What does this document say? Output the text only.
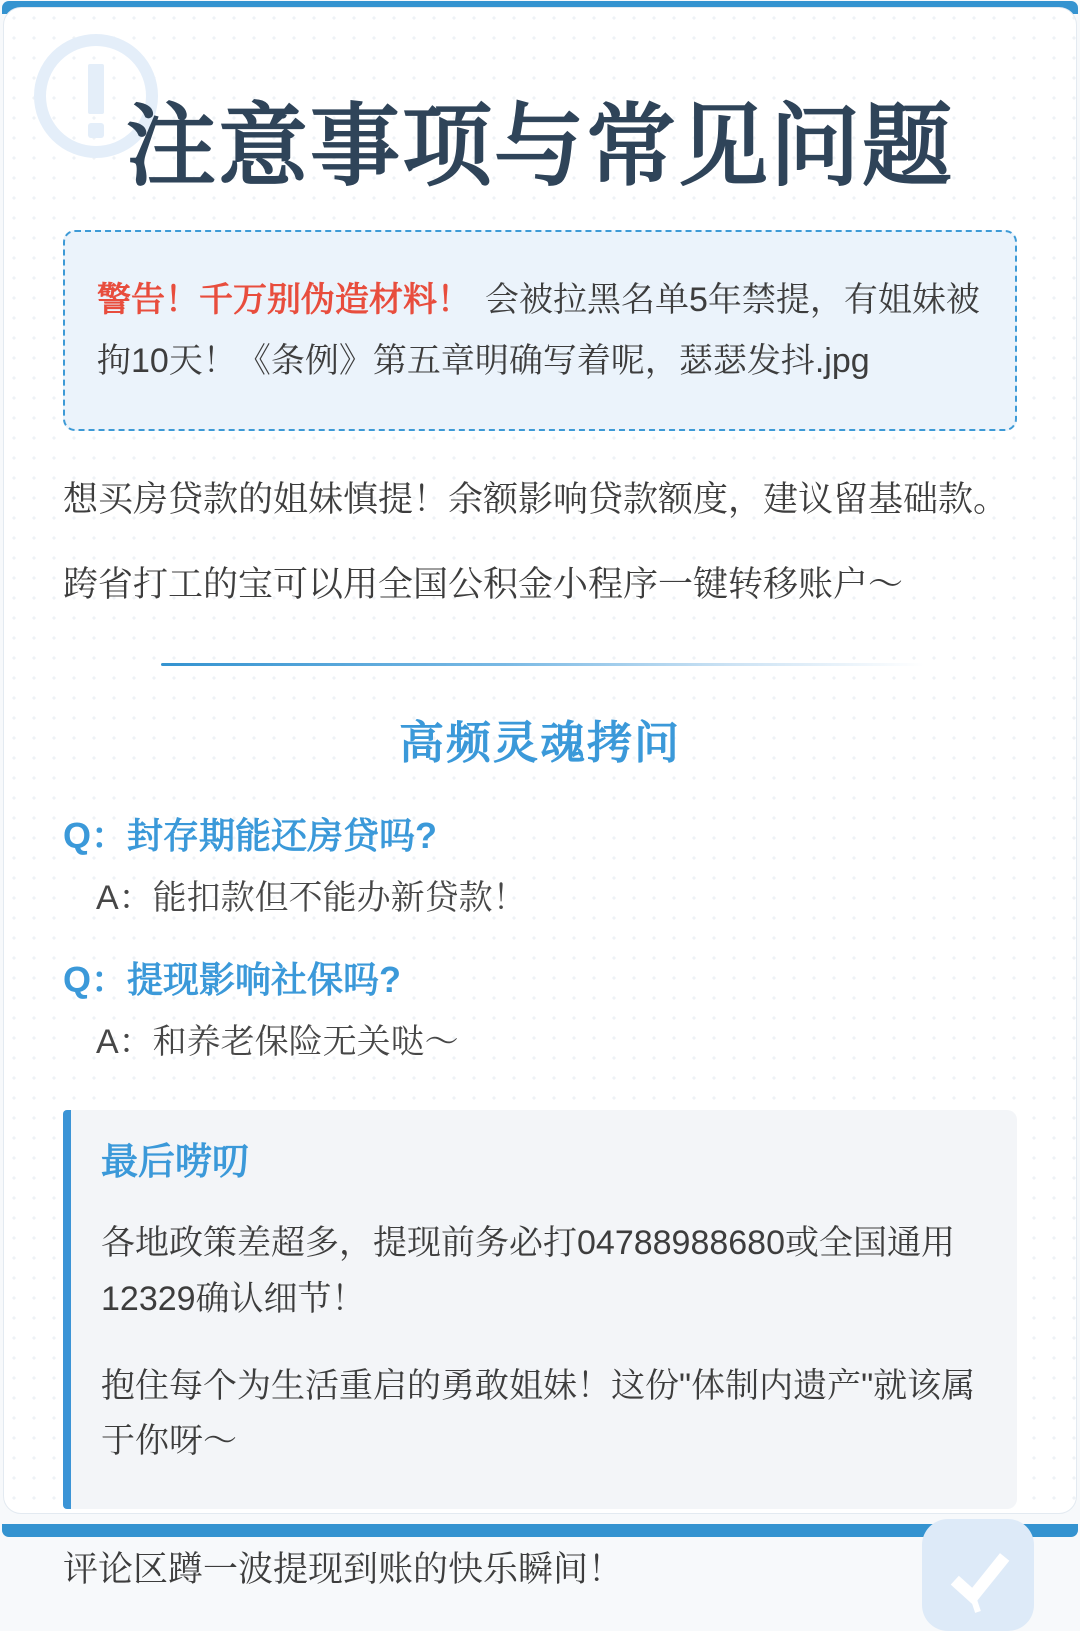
注意事项与常见问题
警告！千万别伪造材料！ 会被拉黑名单5年禁提，有姐妹被拘10天！《条例》第五章明确写着呢，瑟瑟发抖.jpg

想买房贷款的姐妹慎提！余额影响贷款额度，建议留基础款。

跨省打工的宝可以用全国公积金小程序一键转移账户～

高频灵魂拷问

Q：封存期能还房贷吗?

A：能扣款但不能办新贷款！

Q：提现影响社保吗?

A：和养老保险无关哒～

最后唠叨

各地政策差超多，提现前务必打04788988680或全国通用12329确认细节！

抱住每个为生活重启的勇敢姐妹！这份"体制内遗产"就该属于你呀～

评论区蹲一波提现到账的快乐瞬间！
